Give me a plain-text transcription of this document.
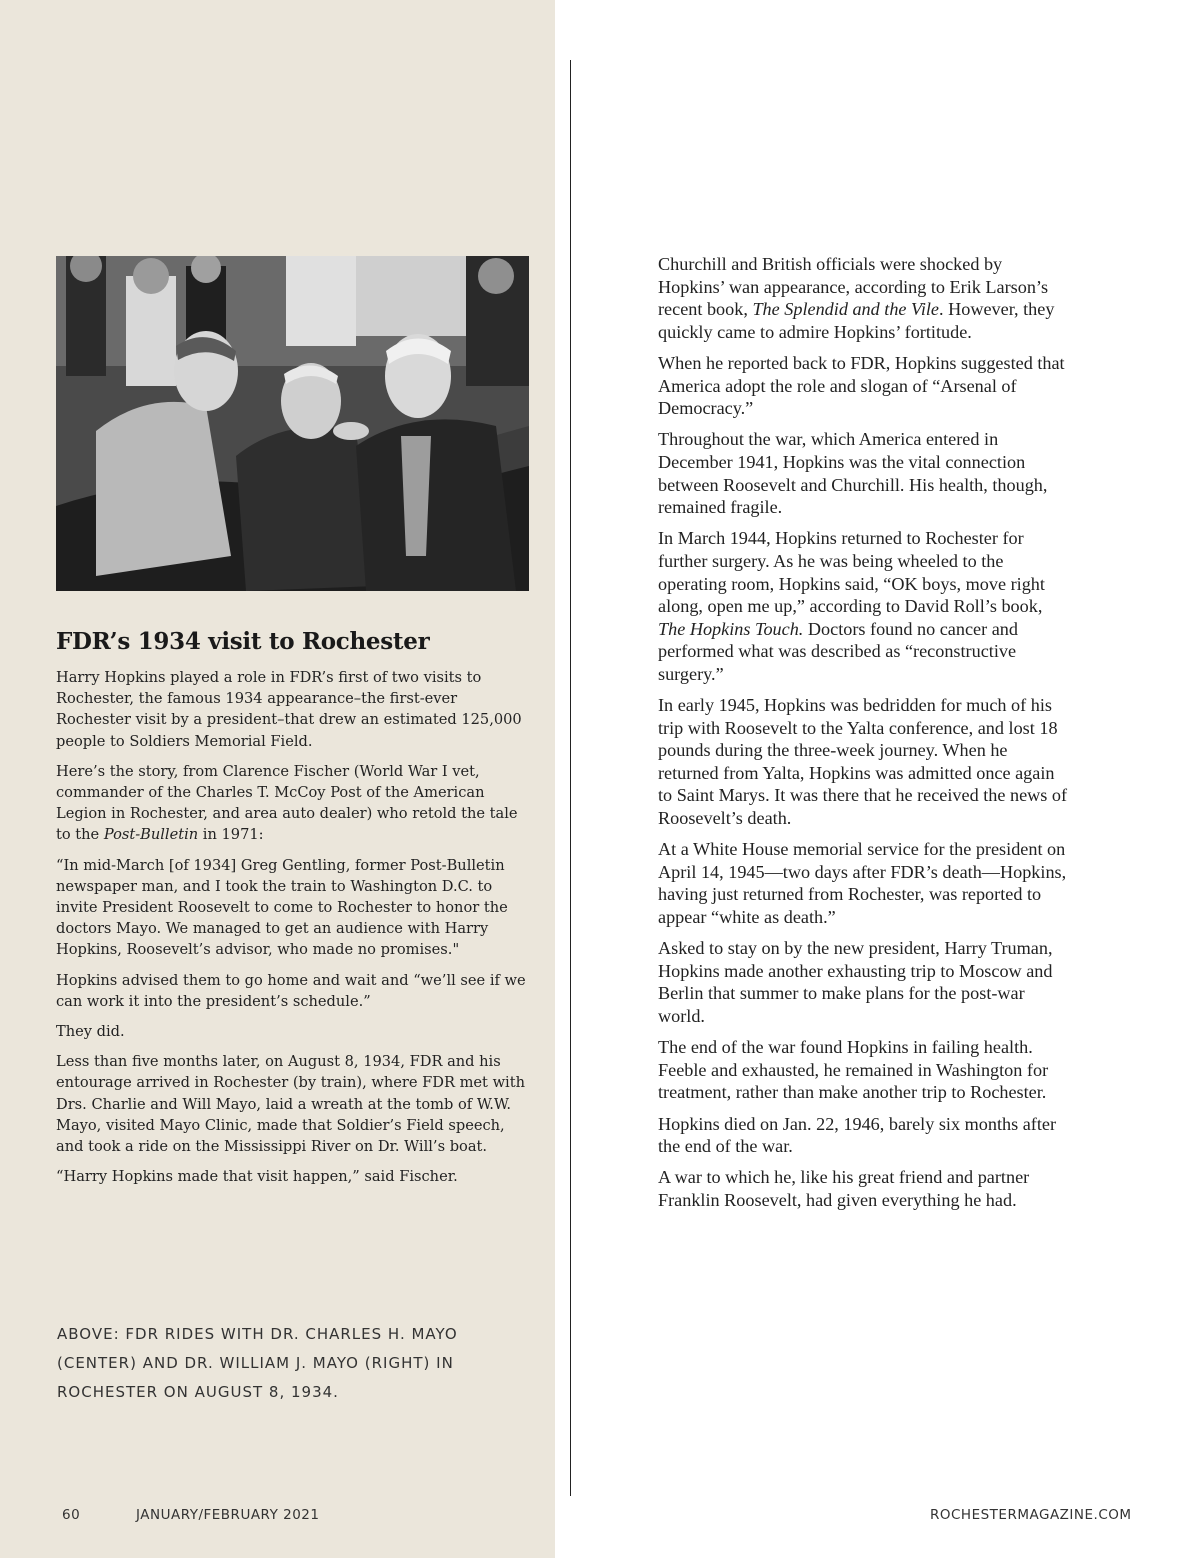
FDR’s 1934 visit to Rochester

Harry Hopkins played a role in FDR’s first of two visits to Rochester, the famous 1934 appearance–the first-ever Rochester visit by a president–that drew an estimated 125,000 people to Soldiers Memorial Field.

Here’s the story, from Clarence Fischer (World War I vet, commander of the Charles T. McCoy Post of the American Legion in Rochester, and area auto dealer) who retold the tale to the Post-Bulletin in 1971:

“In mid-March [of 1934] Greg Gentling, former Post-Bulletin newspaper man, and I took the train to Washington D.C. to invite President Roosevelt to come to Rochester to honor the doctors Mayo. We managed to get an audience with Harry Hopkins, Roosevelt’s advisor, who made no promises."

Hopkins advised them to go home and wait and “we’ll see if we can work it into the president’s schedule.”

They did.

Less than five months later, on August 8, 1934, FDR and his entourage arrived in Rochester (by train), where FDR met with Drs. Charlie and Will Mayo, laid a wreath at the tomb of W.W. Mayo, visited Mayo Clinic, made that Soldier’s Field speech, and took a ride on the Mississippi River on Dr. Will’s boat.

“Harry Hopkins made that visit happen,” said Fischer.

ABOVE: FDR RIDES WITH DR. CHARLES H. MAYO (CENTER) AND DR. WILLIAM J. MAYO (RIGHT) IN ROCHESTER ON AUGUST 8, 1934.

Churchill and British officials were shocked by Hopkins’ wan appearance, according to Erik Larson’s recent book, The Splendid and the Vile. However, they quickly came to admire Hopkins’ fortitude.

When he reported back to FDR, Hopkins suggested that America adopt the role and slogan of “Arsenal of Democracy.”

Throughout the war, which America entered in December 1941, Hopkins was the vital connection between Roosevelt and Churchill. His health, though, remained fragile.

In March 1944, Hopkins returned to Rochester for further surgery. As he was being wheeled to the operating room, Hopkins said, “OK boys, move right along, open me up,” according to David Roll’s book, The Hopkins Touch. Doctors found no cancer and performed what was described as “reconstructive surgery.”

In early 1945, Hopkins was bedridden for much of his trip with Roosevelt to the Yalta conference, and lost 18 pounds during the three-week journey. When he returned from Yalta, Hopkins was admitted once again to Saint Marys. It was there that he received the news of Roosevelt’s death.

At a White House memorial service for the president on April 14, 1945—two days after FDR’s death—Hopkins, having just returned from Rochester, was reported to appear “white as death.”

Asked to stay on by the new president, Harry Truman, Hopkins made another exhausting trip to Moscow and Berlin that summer to make plans for the post-war world.

The end of the war found Hopkins in failing health. Feeble and exhausted, he remained in Washington for treatment, rather than make another trip to Rochester.

Hopkins died on Jan. 22, 1946, barely six months after the end of the war.

A war to which he, like his great friend and partner Franklin Roosevelt, had given everything he had.

60	JANUARY/FEBRUARY 2021	ROCHESTERMAGAZINE.COM
